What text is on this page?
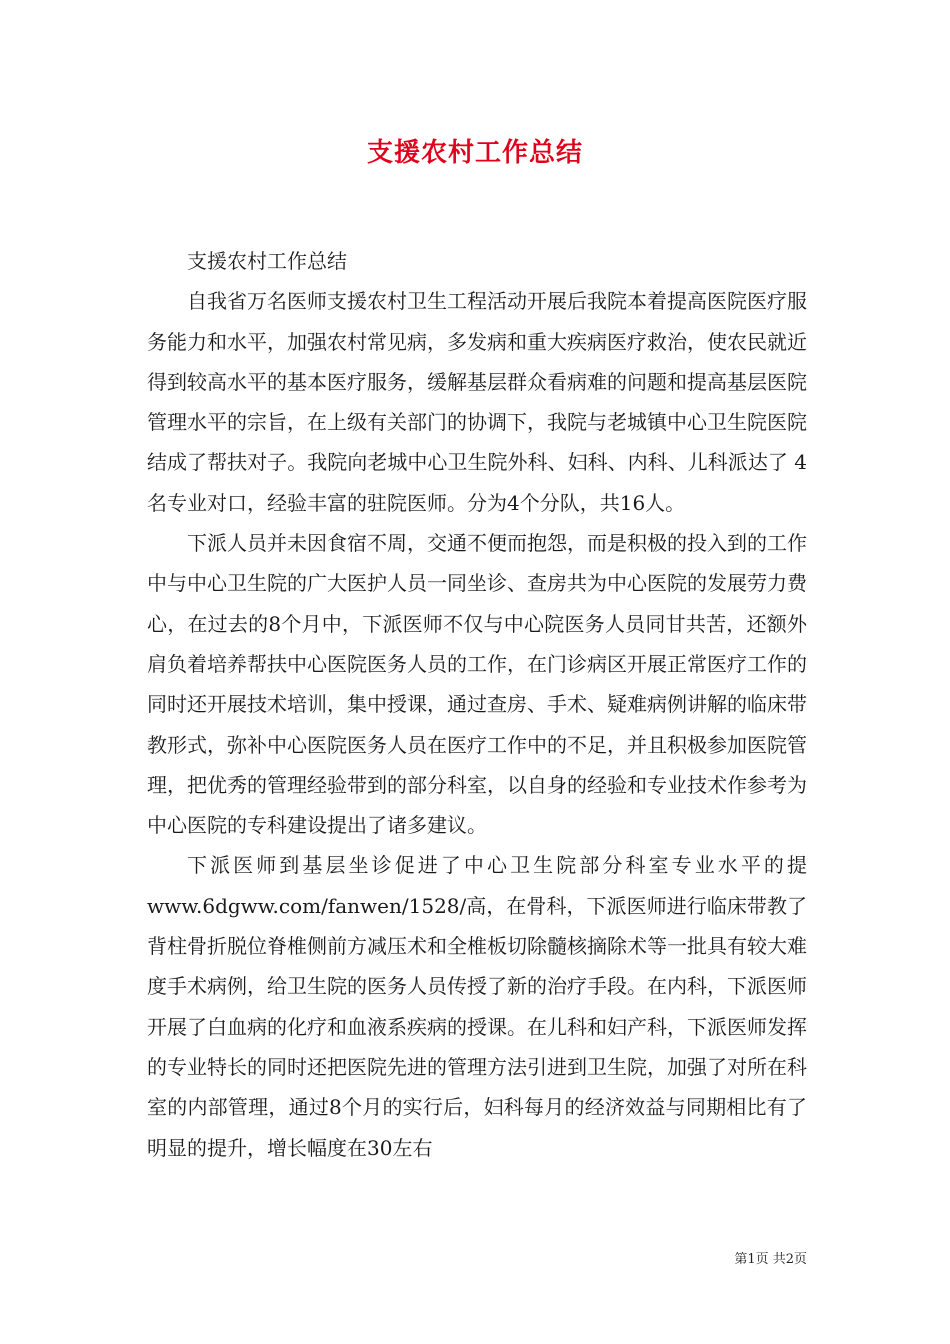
支援农村工作总结

支援农村工作总结

自我省万名医师支援农村卫生工程活动开展后我院本着提高医院医疗服务能力和水平，加强农村常见病，多发病和重大疾病医疗救治，使农民就近得到较高水平的基本医疗服务，缓解基层群众看病难的问题和提高基层医院管理水平的宗旨，在上级有关部门的协调下，我院与老城镇中心卫生院医院结成了帮扶对子。我院向老城中心卫生院外科、妇科、内科、儿科派达了 4 名专业对口，经验丰富的驻院医师。分为4个分队，共16人。

下派人员并未因食宿不周，交通不便而抱怨，而是积极的投入到的工作中与中心卫生院的广大医护人员一同坐诊、查房共为中心医院的发展劳力费心，在过去的8个月中，下派医师不仅与中心院医务人员同甘共苦，还额外肩负着培养帮扶中心医院医务人员的工作，在门诊病区开展正常医疗工作的同时还开展技术培训，集中授课，通过查房、手术、疑难病例讲解的临床带教形式，弥补中心医院医务人员在医疗工作中的不足，并且积极参加医院管理，把优秀的管理经验带到的部分科室，以自身的经验和专业技术作参考为中心医院的专科建设提出了诸多建议。

下派医师到基层坐诊促进了中心卫生院部分科室专业水平的提www.6dgww.com/fanwen/1528/高，在骨科，下派医师进行临床带教了背柱骨折脱位脊椎侧前方减压术和全椎板切除髓核摘除术等一批具有较大难度手术病例，给卫生院的医务人员传授了新的治疗手段。在内科，下派医师开展了白血病的化疗和血液系疾病的授课。在儿科和妇产科，下派医师发挥的专业特长的同时还把医院先进的管理方法引进到卫生院，加强了对所在科室的内部管理，通过8个月的实行后，妇科每月的经济效益与同期相比有了明显的提升，增长幅度在30左右

第1页 共2页
